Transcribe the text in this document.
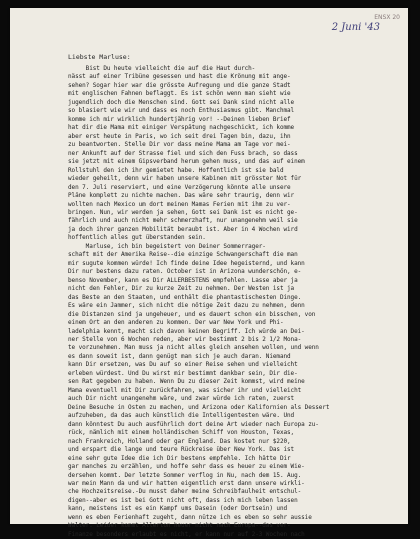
ENSX 20
2 Juni '43
Liebste Marluse:
Bist Du heute vielleicht die auf die Haut durch-
nässt auf einer Tribüne gesessen und hast die Krönung mit ange-
sehen? Sogar hier war die grösste Aufregung und die ganze Stadt
mit englischen Fahnen beflaggt. Es ist schön wenn man sieht wie
jugendlich doch die Menschen sind. Gott sei Dank sind nicht alle
so blasiert wie wir und dass es noch Enthusiasmus gibt. Manchmal
komme ich mir wirklich hundertjährig vor! --Deinen lieben Brief
hat dir die Mama mit einiger Verspätung nachgeschickt, ich komme
aber erst heute in Paris, wo ich seit drei Tagen bin, dazu, ihn
zu beantworten. Stelle Dir vor dass meine Mama am Tage vor mei-
ner Ankunft auf der Strasse fiel und sich den Fuss brach, so dass
sie jetzt mit einem Gipsverband herum gehen muss, und das auf einem
Rollstuhl den ich ihr gemietet habe. Hoffentlich ist sie bald
wieder geheilt, denn wir haben unsere Kabinen mit grösster Not für
den 7. Juli reserviert, und eine Verzögerung könnte alle unsere
Pläne komplett zu nichte machen. Das wäre sehr traurig, denn wir
wollten nach Mexico um dort meinen Mamas Ferien mit ihm zu ver-
bringen. Nun, wir werden ja sehen, Gott sei Dank ist es nicht ge-
fährlich und auch nicht mehr schmerzhaft, nur unangenehm weil sie
ja doch ihrer ganzen Mobilität beraubt ist. Aber in 4 Wochen wird
hoffentlich alles gut überstanden sein.
Marluse, ich bin begeistert von Deiner Sommerrager-
schaft mit der Amerika Reise--die einzige Schwangerschaft die man
mir sugute kommen würde! Ich finde deine Idee hegeisternd, und kann
Dir nur bestens dazu raten. October ist in Arizona wunderschön, e-
benso November, kann es Dir ALLERBESTENS empfehlen. Lasse aber ja
nicht den Fehler, Dir zu kurze Zeit zu nehmen. Der Westen ist ja
das Beste an den Staaten, und enthält die phantastischesten Dinge.
Es wäre ein Jammer, sich nicht die nötige Zeit dazu zu nehmen, denn
die Distanzen sind ja ungeheuer, und es dauert schon ein bisschen, von
einem Ort an den anderen zu kommen. Der war New York und Phi-
ladelphia kennt, macht sich davon keinen Begriff. Ich würde an Dei-
ner Stelle von 6 Wochen reden, aber wir bestimmt 2 bis 2 1/2 Mona-
te vorzunehmen. Man muss ja nicht alles gleich ansehen wollen, und wenn
es dann soweit ist, dann genügt man sich je auch daran. Niemand
kann Dir ersetzen, was Du auf so einer Reise sehen und vielleicht
erleben würdest. Und Du wirst mir bestimmt dankbar sein, Dir die-
sen Rat gegeben zu haben. Wenn Du zu dieser Zeit kommst, wird meine
Mama eventuell mit Dir zurückfahren, was sicher ihr und vielleicht
auch Dir nicht unangenehm wäre, und zwar würde ich raten, zuerst
Deine Besuche in Osten zu machen, und Arizona oder Kalifornien als Dessert
aufzuheben, da das auch künstlich die Intelligentesten wäre. Und
dann könntest Du auch ausführlich dort deine Art wieder nach Europa zu-
rück, nämlich mit einem holländischen Schiff von Houston, Texas,
nach Frankreich, Holland oder gar England. Das kostet nur $220,
und erspart die lange und teure Rückreise über New York. Das ist
eine sehr gute Idee die ich Dir bestens empfehle. Ich hätte Dir
gar manches zu erzählen, und hoffe sehr dass es heuer zu einem Wie-
dersehen kommt. Der letzte Sommer verflog in Nu, nach dem 15. Aug.
war mein Mann da und wir hatten eigentlich erst dann unsere wirkli-
che Hochzeitsreise.-Du musst daher meine Schreibfaulheit entschul-
digen--aber es ist bei Gott nicht oft, dass ich mich leben lassen
kann, meistens ist es ein Kampf ums Dasein (oder Dortsein) und
wenn es eben Ferienhaft zugeht, dann nütze ich es eben so sehr aussie
Walter. Leider kommt Allerton heuer nicht nach Europa--das ver-
Finanze besonders erlaubt es nicht, er kann nur auf 2-3 Wochen nach
